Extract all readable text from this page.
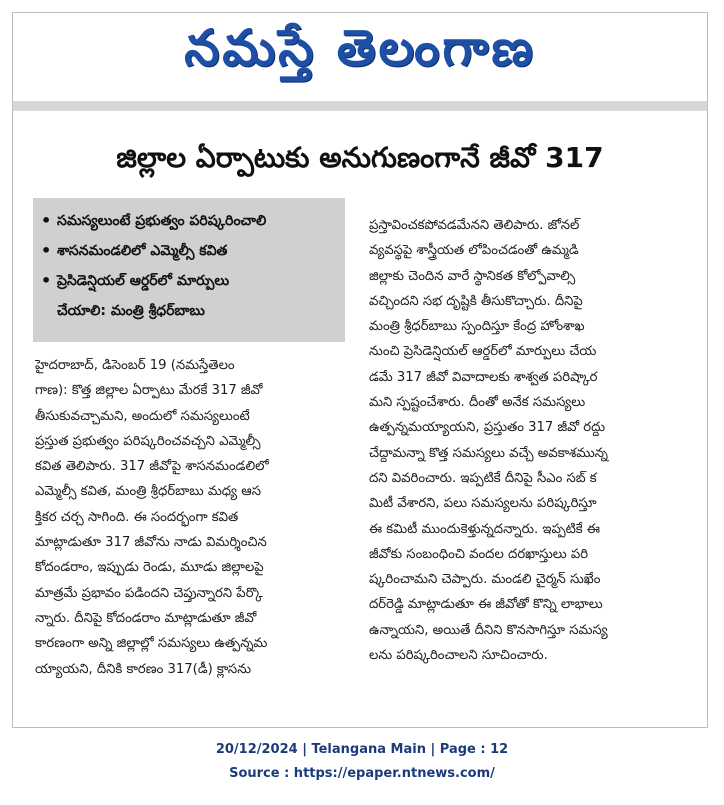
నమస్తే తెలంగాణ
జిల్లాల ఏర్పాటుకు అనుగుణంగానే జీవో 317
• సమస్యలుంటే ప్రభుత్వం పరిష్కరించాలి
• శాసనమండలిలో ఎమ్మెల్సీ కవిత
• ప్రెసిడెన్షియల్ ఆర్డర్‌లో మార్పులు
చేయాలి: మంత్రి శ్రీధర్‌బాబు
హైదరాబాద్, డిసెంబర్ 19 (నమస్తేతెలం
గాణ): కొత్త జిల్లాల ఏర్పాటు మేరకే 317 జీవో
తీసుకువచ్చామని, అందులో సమస్యలుంటే
ప్రస్తుత ప్రభుత్వం పరిష్కరించవచ్చని ఎమ్మెల్సీ
కవిత తెలిపారు. 317 జీవోపై శాసనమండలిలో
ఎమ్మెల్సీ కవిత, మంత్రి శ్రీధర్‌బాబు మధ్య ఆస
క్తికర చర్చ సాగింది. ఈ సందర్భంగా కవిత
మాట్లాడుతూ 317 జీవోను నాడు విమర్శించిన
కోదండరాం, ఇప్పుడు రెండు, మూడు జిల్లాలపై
మాత్రమే ప్రభావం పడిందని చెప్తున్నారని పేర్కొ
న్నారు. దీనిపై కోదండరాం మాట్లాడుతూ జీవో
కారణంగా అన్ని జిల్లాల్లో సమస్యలు ఉత్పన్నమ
య్యాయని, దీనికి కారణం 317(డీ) క్లాసను
ప్రస్తావించకపోవడమేనని తెలిపారు. జోనల్
వ్యవస్థపై శాస్త్రీయత లోపించడంతో ఉమ్మడి
జిల్లాకు చెందిన వారే స్థానికత కోల్పోవాల్సి
వచ్చిందని సభ దృష్టికి తీసుకొచ్చారు. దీనిపై
మంత్రి శ్రీధర్‌బాబు స్పందిస్తూ కేంద్ర హోంశాఖ
నుంచి ప్రెసిడెన్షియల్ ఆర్డర్‌లో మార్పులు చేయ
డమే 317 జీవో వివాదాలకు శాశ్వత పరిష్కార
మని స్పష్టంచేశారు. దీంతో అనేక సమస్యలు
ఉత్పన్నమయ్యాయని, ప్రస్తుతం 317 జీవో రద్దు
చేద్దామన్నా కొత్త సమస్యలు వచ్చే అవకాశమున్న
దని వివరించారు. ఇప్పటికే దీనిపై సీఎం సబ్ క
మిటీ వేశారని, పలు సమస్యలను పరిష్కరిస్తూ
ఈ కమిటీ ముందుకెళ్తున్నదన్నారు. ఇప్పటికే ఈ
జీవోకు సంబంధించి వందల దరఖాస్తులు పరి
ష్కరించామని చెప్పారు. మండలి చైర్మన్ సుఖేం
దర్‌రెడ్డి మాట్లాడుతూ ఈ జీవోతో కొన్ని లాభాలు
ఉన్నాయని, అయితే దీనిని కొనసాగిస్తూ సమస్య
లను పరిష్కరించాలని సూచించారు.
20/12/2024 | Telangana Main | Page : 12
Source : https://epaper.ntnews.com/
